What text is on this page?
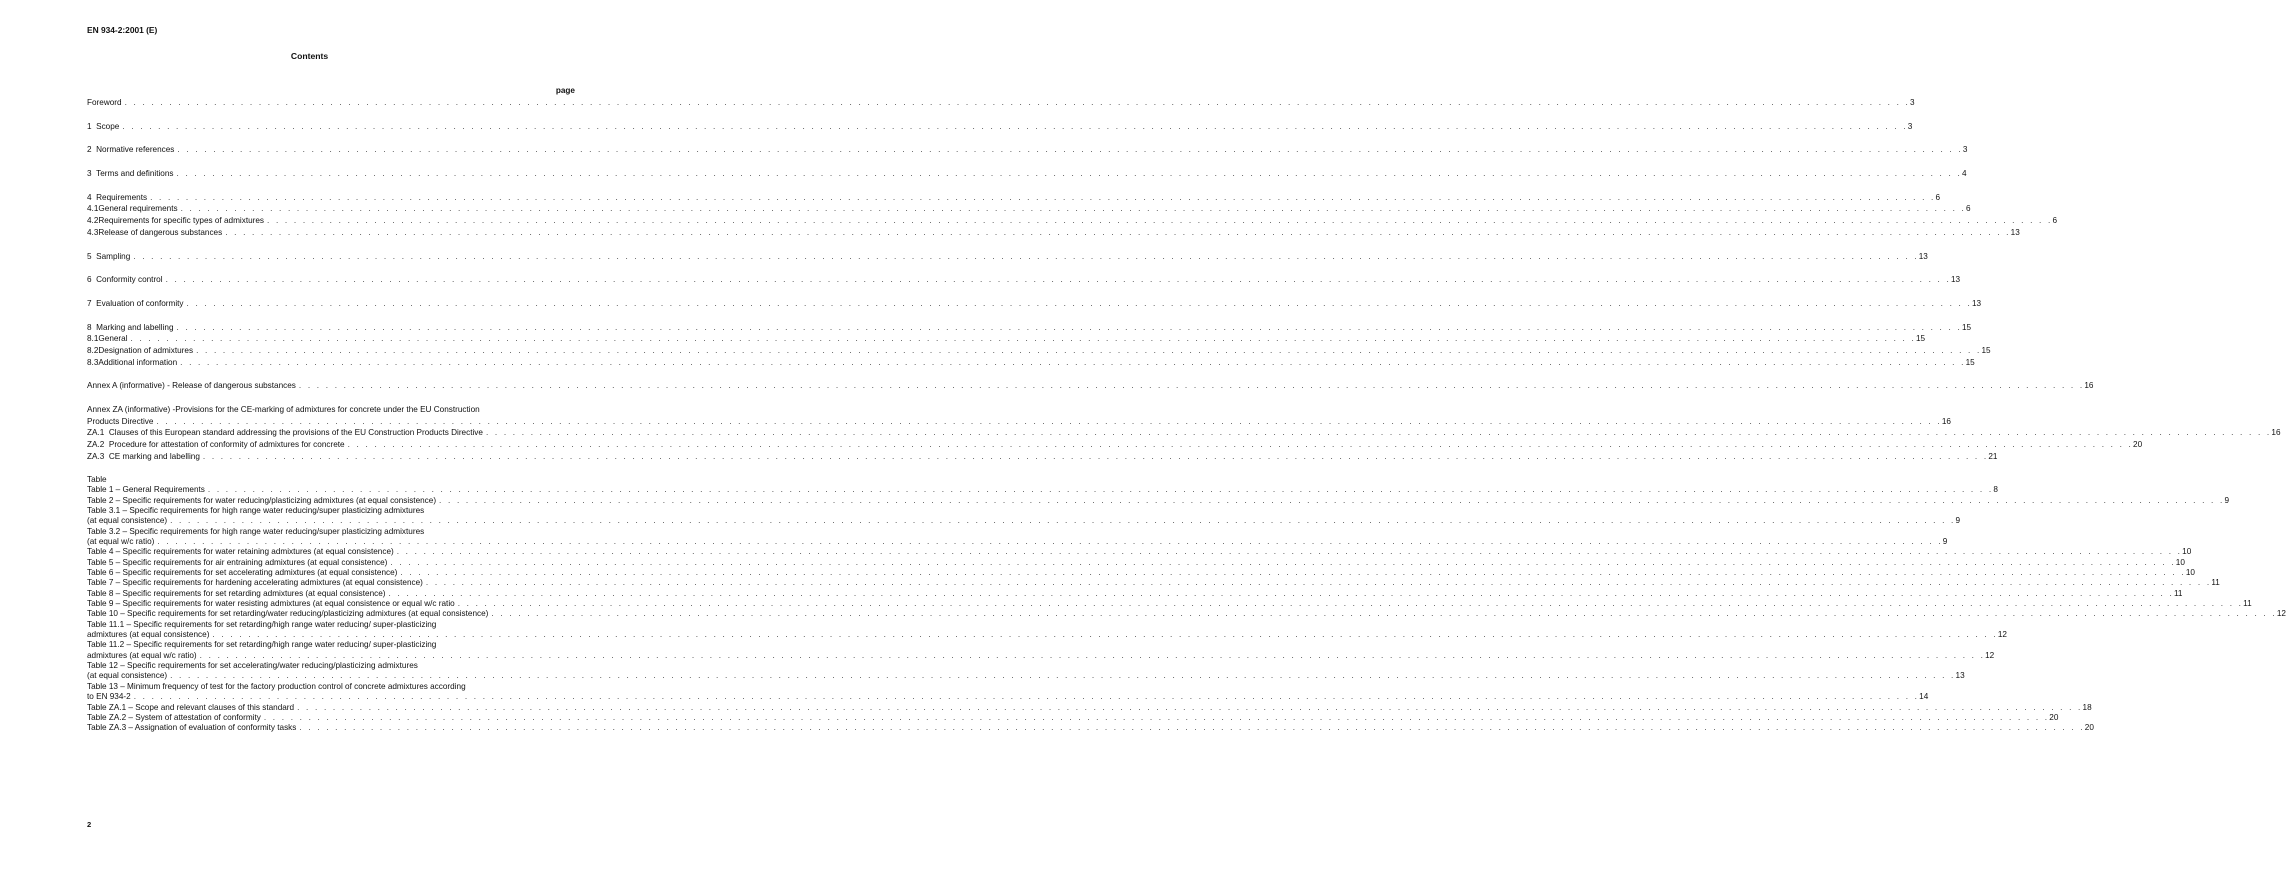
EN 934-2:2001 (E)
Contents
page
Foreword . . . . . . . . . . . . . . . . . . . . . . . . . . . . . . . . . . . . . . . . . . . . . . . . . . . . . . . . . . . . . . . . . . . . . . . . . . . . . . . . . . . . . . . . . . . . . . . . . . . . . . . . . . . . . . . . . . . . . . . . . . . . . . . . . . . . . . . . . . . . . . . . . . . . . . . . . . . . . . . . . . . . . . . . . . . . . . . . . . . . . . . . . . . . . . . . . . . . . . . . 3
1
Scope . . . . . . . . . . . . . . . . . . . . . . . . . . . . . . . . . . . . . . . . . . . . . . . . . . . . . . . . . . . . . . . . . . . . . . . . . . . . . . . . . . . . . . . . . . . . . . . . . . . . . . . . . . . . . . . . . . . . . . . . . . . . . . . . . . . . . . . . . . . . . . . . . . . . . . . . . . . . . . . . . . . . . . . . . . . . . . . . . . . . . . . . . . . . . . . . . . . . . . . . 3
2
Normative references . . . . . . . . . . . . . . . . . . . . . . . . . . . . . . . . . . . . . . . . . . . . . . . . . . . . . . . . . . . . . . . . . . . . . . . . . . . . . . . . . . . . . . . . . . . . . . . . . . . . . . . . . . . . . . . . . . . . . . . . . . . . . . . . . . . . . . . . . . . . . . . . . . . . . . . . . . . . . . . . . . . . . . . . . . . . . . . . . . . . . . . . . . . . . . . . . . . . . . . . 3
3
Terms and definitions . . . . . . . . . . . . . . . . . . . . . . . . . . . . . . . . . . . . . . . . . . . . . . . . . . . . . . . . . . . . . . . . . . . . . . . . . . . . . . . . . . . . . . . . . . . . . . . . . . . . . . . . . . . . . . . . . . . . . . . . . . . . . . . . . . . . . . . . . . . . . . . . . . . . . . . . . . . . . . . . . . . . . . . . . . . . . . . . . . . . . . . . . . . . . . . . . . . . . . . . 4
4
Requirements . . . . . . . . . . . . . . . . . . . . . . . . . . . . . . . . . . . . . . . . . . . . . . . . . . . . . . . . . . . . . . . . . . . . . . . . . . . . . . . . . . . . . . . . . . . . . . . . . . . . . . . . . . . . . . . . . . . . . . . . . . . . . . . . . . . . . . . . . . . . . . . . . . . . . . . . . . . . . . . . . . . . . . . . . . . . . . . . . . . . . . . . . . . . . . . . . . . . . . . . 6
4.1 General requirements . . . . . . . . . . . . . . . . . . . . . . . . . . . . . . . . . . . . . . . . . . . . . . . . . . . . . . . . . . . . . . . . . . . . . . . . . . . . . . . . . . . . . . . . . . . . . . . . . . . . . . . . . . . . . . . . . . . . . . . . . . . . . . . . . . . . . . . . . . . . . . . . . . . . . . . . . . . . . . . . . . . . . . . . . . . . . . . . . . . . . . . . . . . . . . . . . . . . . . . . 6
4.2 Requirements for specific types of admixtures . . . . . . . . . . . . . . . . . . . . . . . . . . . . . . . . . . . . . . . . . . . . . . . . . . . . . . . . . . . . . . . . . . . . . . . . . . . . . . . . . . . . . . . . . . . . . . . . . . . . . . . . . . . . . . . . . . . . . . . . . . . . . . . . . . . . . . . . . . . . . . . . . . . . . . . . . . . . . . . . . . . . . . . . . . . . . . . . . . . . . . . . . . . . . . . . . . . . . . . . 6
4.3 Release of dangerous substances . . . . . . . . . . . . . . . . . . . . . . . . . . . . . . . . . . . . . . . . . . . . . . . . . . . . . . . . . . . . . . . . . . . . . . . . . . . . . . . . . . . . . . . . . . . . . . . . . . . . . . . . . . . . . . . . . . . . . . . . . . . . . . . . . . . . . . . . . . . . . . . . . . . . . . . . . . . . . . . . . . . . . . . . . . . . . . . . . . . . . . . . . . . . . . . . . . . . . . . . 13
5
Sampling . . . . . . . . . . . . . . . . . . . . . . . . . . . . . . . . . . . . . . . . . . . . . . . . . . . . . . . . . . . . . . . . . . . . . . . . . . . . . . . . . . . . . . . . . . . . . . . . . . . . . . . . . . . . . . . . . . . . . . . . . . . . . . . . . . . . . . . . . . . . . . . . . . . . . . . . . . . . . . . . . . . . . . . . . . . . . . . . . . . . . . . . . . . . . . . . . . . . . . . . 13
6
Conformity control . . . . . . . . . . . . . . . . . . . . . . . . . . . . . . . . . . . . . . . . . . . . . . . . . . . . . . . . . . . . . . . . . . . . . . . . . . . . . . . . . . . . . . . . . . . . . . . . . . . . . . . . . . . . . . . . . . . . . . . . . . . . . . . . . . . . . . . . . . . . . . . . . . . . . . . . . . . . . . . . . . . . . . . . . . . . . . . . . . . . . . . . . . . . . . . . . . . . . . . . 13
7
Evaluation of conformity . . . . . . . . . . . . . . . . . . . . . . . . . . . . . . . . . . . . . . . . . . . . . . . . . . . . . . . . . . . . . . . . . . . . . . . . . . . . . . . . . . . . . . . . . . . . . . . . . . . . . . . . . . . . . . . . . . . . . . . . . . . . . . . . . . . . . . . . . . . . . . . . . . . . . . . . . . . . . . . . . . . . . . . . . . . . . . . . . . . . . . . . . . . . . . . . . . . . . . . . 13
8
Marking and labelling . . . . . . . . . . . . . . . . . . . . . . . . . . . . . . . . . . . . . . . . . . . . . . . . . . . . . . . . . . . . . . . . . . . . . . . . . . . . . . . . . . . . . . . . . . . . . . . . . . . . . . . . . . . . . . . . . . . . . . . . . . . . . . . . . . . . . . . . . . . . . . . . . . . . . . . . . . . . . . . . . . . . . . . . . . . . . . . . . . . . . . . . . . . . . . . . . . . . . . . . 15
8.1 General . . . . . . . . . . . . . . . . . . . . . . . . . . . . . . . . . . . . . . . . . . . . . . . . . . . . . . . . . . . . . . . . . . . . . . . . . . . . . . . . . . . . . . . . . . . . . . . . . . . . . . . . . . . . . . . . . . . . . . . . . . . . . . . . . . . . . . . . . . . . . . . . . . . . . . . . . . . . . . . . . . . . . . . . . . . . . . . . . . . . . . . . . . . . . . . . . . . . . . . . 15
8.2 Designation of admixtures . . . . . . . . . . . . . . . . . . . . . . . . . . . . . . . . . . . . . . . . . . . . . . . . . . . . . . . . . . . . . . . . . . . . . . . . . . . . . . . . . . . . . . . . . . . . . . . . . . . . . . . . . . . . . . . . . . . . . . . . . . . . . . . . . . . . . . . . . . . . . . . . . . . . . . . . . . . . . . . . . . . . . . . . . . . . . . . . . . . . . . . . . . . . . . . . . . . . . . . . 15
8.3 Additional information . . . . . . . . . . . . . . . . . . . . . . . . . . . . . . . . . . . . . . . . . . . . . . . . . . . . . . . . . . . . . . . . . . . . . . . . . . . . . . . . . . . . . . . . . . . . . . . . . . . . . . . . . . . . . . . . . . . . . . . . . . . . . . . . . . . . . . . . . . . . . . . . . . . . . . . . . . . . . . . . . . . . . . . . . . . . . . . . . . . . . . . . . . . . . . . . . . . . . . . . 15
Annex A (informative) - Release of dangerous substances . . . . . . . . . . . . . . . . . . . . . . . . . . . . . . . . . . . . . . . . . . . . . . . . . . . . . . . . . . . . . . . . . . . . . . . . . . . . . . . . . . . . . . . . . . . . . . . . . . . . . . . . . . . . . . . . . . . . . . . . . . . . . . . . . . . . . . . . . . . . . . . . . . . . . . . . . . . . . . . . . . . . . . . . . . . . . . . . . . . . . . . . . . . . . . . . . . . . . . . . 16
Annex ZA (informative) -Provisions for the CE-marking of admixtures for concrete under the EU Construction
Products Directive . . . . . . . . . . . . . . . . . . . . . . . . . . . . . . . . . . . . . . . . . . . . . . . . . . . . . . . . . . . . . . . . . . . . . . . . . . . . . . . . . . . . . . . . . . . . . . . . . . . . . . . . . . . . . . . . . . . . . . . . . . . . . . . . . . . . . . . . . . . . . . . . . . . . . . . . . . . . . . . . . . . . . . . . . . . . . . . . . . . . . . . . . . . . . . . . . . . . . . . . 16
ZA.1
Clauses of this European standard addressing the provisions of the EU Construction Products Directive . . . . . . . . . . . . . . . . . . . . . . . . . . . . . . . . . . . . . . . . . . . . . . . . . . . . . . . . . . . . . . . . . . . . . . . . . . . . . . . . . . . . . . . . . . . . . . . . . . . . . . . . . . . . . . . . . . . . . . . . . . . . . . . . . . . . . . . . . . . . . . . . . . . . . . . . . . . . . . . . . . . . . . . . . . . . . . . . . . . . . . . . . . . . . . . . . . . . . . . . 16
ZA.2
Procedure for attestation of conformity of admixtures for concrete . . . . . . . . . . . . . . . . . . . . . . . . . . . . . . . . . . . . . . . . . . . . . . . . . . . . . . . . . . . . . . . . . . . . . . . . . . . . . . . . . . . . . . . . . . . . . . . . . . . . . . . . . . . . . . . . . . . . . . . . . . . . . . . . . . . . . . . . . . . . . . . . . . . . . . . . . . . . . . . . . . . . . . . . . . . . . . . . . . . . . . . . . . . . . . . . . . . . . . . . 20
ZA.3
CE marking and labelling . . . . . . . . . . . . . . . . . . . . . . . . . . . . . . . . . . . . . . . . . . . . . . . . . . . . . . . . . . . . . . . . . . . . . . . . . . . . . . . . . . . . . . . . . . . . . . . . . . . . . . . . . . . . . . . . . . . . . . . . . . . . . . . . . . . . . . . . . . . . . . . . . . . . . . . . . . . . . . . . . . . . . . . . . . . . . . . . . . . . . . . . . . . . . . . . . . . . . . . . 21
Table
Table 1 – General Requirements . . . . . . . . . . . . . . . . . . . . . . . . . . . . . . . . . . . . . . . . . . . . . . . . . . . . . . . . . . . . . . . . . . . . . . . . . . . . . . . . . . . . . . . . . . . . . . . . . . . . . . . . . . . . . . . . . . . . . . . . . . . . . . . . . . . . . . . . . . . . . . . . . . . . . . . . . . . . . . . . . . . . . . . . . . . . . . . . . . . . . . . . . . . . . . . . . . . . . . . . 8
Table 2 – Specific requirements for water reducing/plasticizing admixtures (at equal consistence) . . . . . . . . . . . . . . . . . . . . . . . . . . . . . . . . . . . . . . . . . . . . . . . . . . . . . . . . . . . . . . . . . . . . . . . . . . . . . . . . . . . . . . . . . . . . . . . . . . . . . . . . . . . . . . . . . . . . . . . . . . . . . . . . . . . . . . . . . . . . . . . . . . . . . . . . . . . . . . . . . . . . . . . . . . . . . . . . . . . . . . . . . . . . . . . . . . . . . . . . 9
Table 3.1 – Specific requirements for high range water reducing/super plasticizing admixtures
(at equal consistence) . . . . . . . . . . . . . . . . . . . . . . . . . . . . . . . . . . . . . . . . . . . . . . . . . . . . . . . . . . . . . . . . . . . . . . . . . . . . . . . . . . . . . . . . . . . . . . . . . . . . . . . . . . . . . . . . . . . . . . . . . . . . . . . . . . . . . . . . . . . . . . . . . . . . . . . . . . . . . . . . . . . . . . . . . . . . . . . . . . . . . . . . . . . . . . . . . . . . . . . . 9
Table 3.2 – Specific requirements for high range water reducing/super plasticizing admixtures
(at equal w/c ratio) . . . . . . . . . . . . . . . . . . . . . . . . . . . . . . . . . . . . . . . . . . . . . . . . . . . . . . . . . . . . . . . . . . . . . . . . . . . . . . . . . . . . . . . . . . . . . . . . . . . . . . . . . . . . . . . . . . . . . . . . . . . . . . . . . . . . . . . . . . . . . . . . . . . . . . . . . . . . . . . . . . . . . . . . . . . . . . . . . . . . . . . . . . . . . . . . . . . . . . . . 9
Table 4 – Specific requirements for water retaining admixtures (at equal consistence) . . . . . . . . . . . . . . . . . . . . . . . . . . . . . . . . . . . . . . . . . . . . . . . . . . . . . . . . . . . . . . . . . . . . . . . . . . . . . . . . . . . . . . . . . . . . . . . . . . . . . . . . . . . . . . . . . . . . . . . . . . . . . . . . . . . . . . . . . . . . . . . . . . . . . . . . . . . . . . . . . . . . . . . . . . . . . . . . . . . . . . . . . . . . . . . . . . . . . . . . 10
Table 5 – Specific requirements for air entraining admixtures (at equal consistence) . . . . . . . . . . . . . . . . . . . . . . . . . . . . . . . . . . . . . . . . . . . . . . . . . . . . . . . . . . . . . . . . . . . . . . . . . . . . . . . . . . . . . . . . . . . . . . . . . . . . . . . . . . . . . . . . . . . . . . . . . . . . . . . . . . . . . . . . . . . . . . . . . . . . . . . . . . . . . . . . . . . . . . . . . . . . . . . . . . . . . . . . . . . . . . . . . . . . . . . . 10
Table 6 – Specific requirements for set accelerating admixtures (at equal consistence) . . . . . . . . . . . . . . . . . . . . . . . . . . . . . . . . . . . . . . . . . . . . . . . . . . . . . . . . . . . . . . . . . . . . . . . . . . . . . . . . . . . . . . . . . . . . . . . . . . . . . . . . . . . . . . . . . . . . . . . . . . . . . . . . . . . . . . . . . . . . . . . . . . . . . . . . . . . . . . . . . . . . . . . . . . . . . . . . . . . . . . . . . . . . . . . . . . . . . . . . 10
Table 7 – Specific requirements for hardening accelerating admixtures (at equal consistence) . . . . . . . . . . . . . . . . . . . . . . . . . . . . . . . . . . . . . . . . . . . . . . . . . . . . . . . . . . . . . . . . . . . . . . . . . . . . . . . . . . . . . . . . . . . . . . . . . . . . . . . . . . . . . . . . . . . . . . . . . . . . . . . . . . . . . . . . . . . . . . . . . . . . . . . . . . . . . . . . . . . . . . . . . . . . . . . . . . . . . . . . . . . . . . . . . . . . . . . . 11
Table 8 – Specific requirements for set retarding admixtures (at equal consistence) . . . . . . . . . . . . . . . . . . . . . . . . . . . . . . . . . . . . . . . . . . . . . . . . . . . . . . . . . . . . . . . . . . . . . . . . . . . . . . . . . . . . . . . . . . . . . . . . . . . . . . . . . . . . . . . . . . . . . . . . . . . . . . . . . . . . . . . . . . . . . . . . . . . . . . . . . . . . . . . . . . . . . . . . . . . . . . . . . . . . . . . . . . . . . . . . . . . . . . . . 11
Table 9 – Specific requirements for water resisting admixtures (at equal consistence or equal w/c ratio . . . . . . . . . . . . . . . . . . . . . . . . . . . . . . . . . . . . . . . . . . . . . . . . . . . . . . . . . . . . . . . . . . . . . . . . . . . . . . . . . . . . . . . . . . . . . . . . . . . . . . . . . . . . . . . . . . . . . . . . . . . . . . . . . . . . . . . . . . . . . . . . . . . . . . . . . . . . . . . . . . . . . . . . . . . . . . . . . . . . . . . . . . . . . . . . . . . . . . . . 11
Table 10 – Specific requirements for set retarding/water reducing/plasticizing admixtures (at equal consistence) . . . . . . . . . . . . . . . . . . . . . . . . . . . . . . . . . . . . . . . . . . . . . . . . . . . . . . . . . . . . . . . . . . . . . . . . . . . . . . . . . . . . . . . . . . . . . . . . . . . . . . . . . . . . . . . . . . . . . . . . . . . . . . . . . . . . . . . . . . . . . . . . . . . . . . . . . . . . . . . . . . . . . . . . . . . . . . . . . . . . . . . . . . . . . . . . . . . . . . . . 12
Table 11.1 – Specific requirements for set retarding/high range water reducing/ super-plasticizing
admixtures (at equal consistence) . . . . . . . . . . . . . . . . . . . . . . . . . . . . . . . . . . . . . . . . . . . . . . . . . . . . . . . . . . . . . . . . . . . . . . . . . . . . . . . . . . . . . . . . . . . . . . . . . . . . . . . . . . . . . . . . . . . . . . . . . . . . . . . . . . . . . . . . . . . . . . . . . . . . . . . . . . . . . . . . . . . . . . . . . . . . . . . . . . . . . . . . . . . . . . . . . . . . . . . . 12
Table 11.2 – Specific requirements for set retarding/high range water reducing/ super-plasticizing
admixtures (at equal w/c ratio) . . . . . . . . . . . . . . . . . . . . . . . . . . . . . . . . . . . . . . . . . . . . . . . . . . . . . . . . . . . . . . . . . . . . . . . . . . . . . . . . . . . . . . . . . . . . . . . . . . . . . . . . . . . . . . . . . . . . . . . . . . . . . . . . . . . . . . . . . . . . . . . . . . . . . . . . . . . . . . . . . . . . . . . . . . . . . . . . . . . . . . . . . . . . . . . . . . . . . . . . 12
Table 12 – Specific requirements for set accelerating/water reducing/plasticizing admixtures
(at equal consistence) . . . . . . . . . . . . . . . . . . . . . . . . . . . . . . . . . . . . . . . . . . . . . . . . . . . . . . . . . . . . . . . . . . . . . . . . . . . . . . . . . . . . . . . . . . . . . . . . . . . . . . . . . . . . . . . . . . . . . . . . . . . . . . . . . . . . . . . . . . . . . . . . . . . . . . . . . . . . . . . . . . . . . . . . . . . . . . . . . . . . . . . . . . . . . . . . . . . . . . . . 13
Table 13 – Minimum frequency of test for the factory production control of concrete admixtures according
to EN 934-2 . . . . . . . . . . . . . . . . . . . . . . . . . . . . . . . . . . . . . . . . . . . . . . . . . . . . . . . . . . . . . . . . . . . . . . . . . . . . . . . . . . . . . . . . . . . . . . . . . . . . . . . . . . . . . . . . . . . . . . . . . . . . . . . . . . . . . . . . . . . . . . . . . . . . . . . . . . . . . . . . . . . . . . . . . . . . . . . . . . . . . . . . . . . . . . . . . . . . . . . . 14
Table ZA.1 – Scope and relevant clauses of this standard . . . . . . . . . . . . . . . . . . . . . . . . . . . . . . . . . . . . . . . . . . . . . . . . . . . . . . . . . . . . . . . . . . . . . . . . . . . . . . . . . . . . . . . . . . . . . . . . . . . . . . . . . . . . . . . . . . . . . . . . . . . . . . . . . . . . . . . . . . . . . . . . . . . . . . . . . . . . . . . . . . . . . . . . . . . . . . . . . . . . . . . . . . . . . . . . . . . . . . . . 18
Table ZA.2 – System of attestation of conformity . . . . . . . . . . . . . . . . . . . . . . . . . . . . . . . . . . . . . . . . . . . . . . . . . . . . . . . . . . . . . . . . . . . . . . . . . . . . . . . . . . . . . . . . . . . . . . . . . . . . . . . . . . . . . . . . . . . . . . . . . . . . . . . . . . . . . . . . . . . . . . . . . . . . . . . . . . . . . . . . . . . . . . . . . . . . . . . . . . . . . . . . . . . . . . . . . . . . . . . . 20
Table ZA.3 – Assignation of evaluation of conformity tasks . . . . . . . . . . . . . . . . . . . . . . . . . . . . . . . . . . . . . . . . . . . . . . . . . . . . . . . . . . . . . . . . . . . . . . . . . . . . . . . . . . . . . . . . . . . . . . . . . . . . . . . . . . . . . . . . . . . . . . . . . . . . . . . . . . . . . . . . . . . . . . . . . . . . . . . . . . . . . . . . . . . . . . . . . . . . . . . . . . . . . . . . . . . . . . . . . . . . . . . . 20
2
